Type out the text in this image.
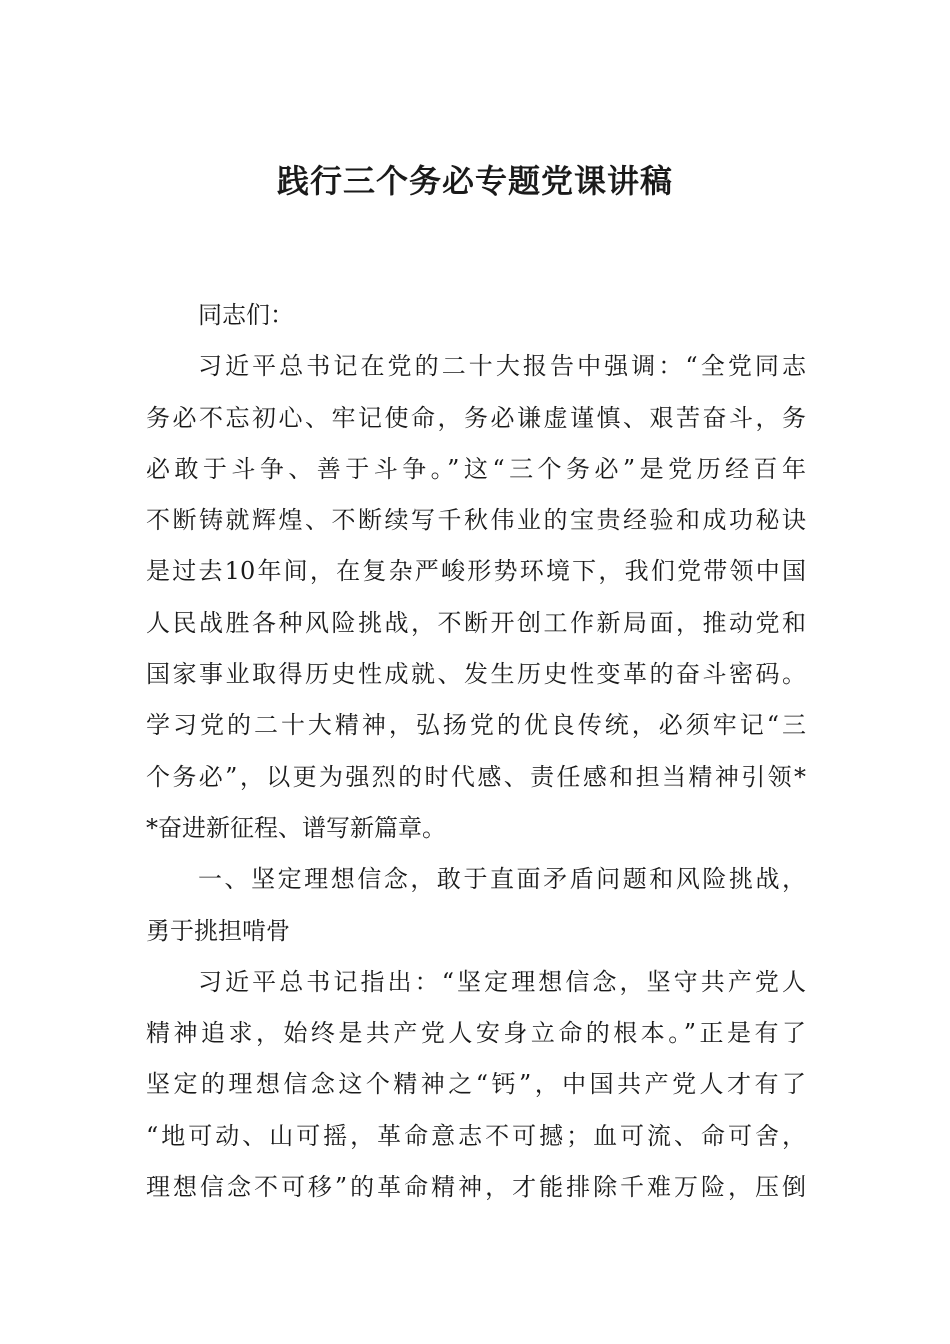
践行三个务必专题党课讲稿
同志们：
习近平总书记在党的二十大报告中强调：“全党同志
务必不忘初心、牢记使命，务必谦虚谨慎、艰苦奋斗，务
必敢于斗争、善于斗争。”这“三个务必”是党历经百年
不断铸就辉煌、不断续写千秋伟业的宝贵经验和成功秘诀
是过去10年间，在复杂严峻形势环境下，我们党带领中国
人民战胜各种风险挑战，不断开创工作新局面，推动党和
国家事业取得历史性成就、发生历史性变革的奋斗密码。
学习党的二十大精神，弘扬党的优良传统，必须牢记“三
个务必”，以更为强烈的时代感、责任感和担当精神引领*
*奋进新征程、谱写新篇章。
一、坚定理想信念，敢于直面矛盾问题和风险挑战，
勇于挑担啃骨
习近平总书记指出：“坚定理想信念，坚守共产党人
精神追求，始终是共产党人安身立命的根本。”正是有了
坚定的理想信念这个精神之“钙”，中国共产党人才有了
“地可动、山可摇，革命意志不可撼；血可流、命可舍，
理想信念不可移”的革命精神，才能排除千难万险，压倒
